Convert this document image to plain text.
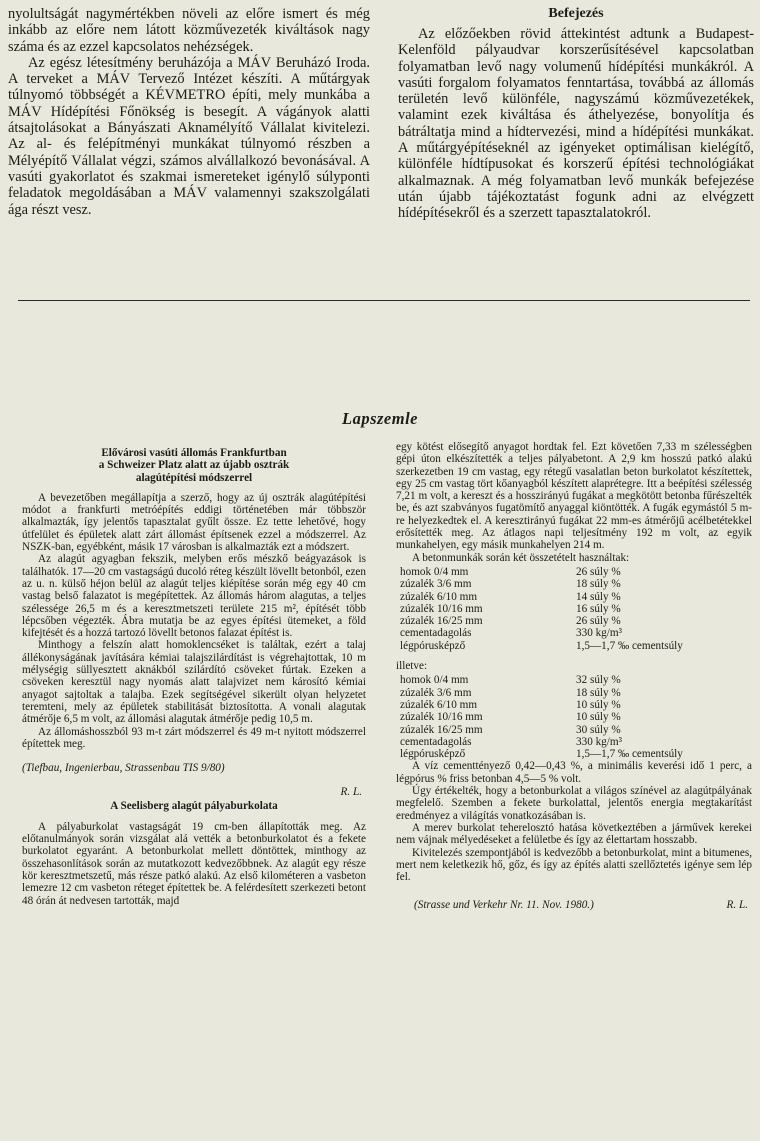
nyolultságát nagymértékben növeli az előre ismert és még inkább az előre nem látott közművezeték kiváltások nagy száma és az ezzel kapcsolatos nehézségek.

Az egész létesítmény beruházója a MÁV Beruházó Iroda. A terveket a MÁV Tervező Intézet készíti. A műtárgyak túlnyomó többségét a KÉVMETRO építi, mely munkába a MÁV Hídépítési Főnökség is besegít. A vágányok alatti átsajtolásokat a Bányászati Aknamélyítő Vállalat kivitelezi. Az al- és felépítményi munkákat túlnyomó részben a Mélyépítő Vállalat végzi, számos alvállalkozó bevonásával. A vasúti gyakorlatot és szakmai ismereteket igénylő súlyponti feladatok megoldásában a MÁV valamennyi szakszolgálati ága részt vesz.

Befejezés

Az előzőekben rövid áttekintést adtunk a Budapest-Kelenföld pályaudvar korszerűsítésével kapcsolatban folyamatban levő nagy volumenű hídépítési munkákról. A vasúti forgalom folyamatos fenntartása, továbbá az állomás területén levő különféle, nagyszámú közművezetékek, valamint ezek kiváltása és áthelyezése, bonyolítja és bátráltatja mind a hídtervezési, mind a hídépítési munkákat. A műtárgyépítéseknél az igényeket optimálisan kielégítő, különféle hídtípusokat és korszerű építési technológiákat alkalmaznak. A még folyamatban levő munkák befejezése után újabb tájékoztatást fogunk adni az elvégzett hídépítésekről és a szerzett tapasztalatokról.

Lapszemle
Elővárosi vasúti állomás Frankfurtban
a Schweizer Platz alatt az újabb osztrák
alagútépítési módszerrel

A bevezetőben megállapítja a szerző, hogy az új osztrák alagútépítési módot a frankfurti metróépítés eddigi történetében már többször alkalmazták, így jelentős tapasztalat gyűlt össze. Ez tette lehetővé, hogy útfelület és épületek alatt zárt állomást építsenek ezzel a módszerrel. Az NSZK-ban, egyébként, másik 17 városban is alkalmazták ezt a módszert.

Az alagút agyagban fekszik, melyben erős mészkő beágyazások is találhatók. 17—20 cm vastagságú ducoló réteg készült lövellt betonból, ezen az u. n. külső héjon belül az alagút teljes kiépítése során még egy 40 cm vastag belső falazatot is megépítettek. Az állomás három alagutas, a teljes szélessége 26,5 m és a keresztmetszeti területe 215 m², építését több lépcsőben végezték. Ábra mutatja be az egyes építési ütemeket, a föld kifejtését és a hozzá tartozó lövellt betonos falazat építést is.

Minthogy a felszín alatt homoklencséket is találtak, ezért a talaj állékonyságának javítására kémiai talajszilárdítást is végrehajtottak, 10 m mélységig süllyesztett aknákból szilárdító csöveket fúrtak. Ezeken a csöveken keresztül nagy nyomás alatt talajvizet nem károsító kémiai anyagot sajtoltak a talajba. Ezek segítségével sikerült olyan helyzetet teremteni, mely az épületek stabilitását biztosította. A vonali alagutak átmérője 6,5 m volt, az állomási alagutak átmérője pedig 10,5 m.

Az állomáshosszból 93 m-t zárt módszerrel és 49 m-t nyitott módszerrel építettek meg.

(Tiefbau, Ingenierbau, Strassenbau TIS 9/80)
R. L.
A Seelisberg alagút pályaburkolata

A pályaburkolat vastagságát 19 cm-ben állapították meg. Az előtanulmányok során vizsgálat alá vették a betonburkolatot és a fekete burkolatot egyaránt. A betonburkolat mellett döntöttek, minthogy az összehasonlítások során az mutatkozott kedvezőbbnek. Az alagút egy része kör keresztmetszetű, más része patkó alakú. Az első kilométeren a vasbeton lemezre 12 cm vasbeton réteget építettek be. A felérdesített szerkezeti betont 48 órán át nedvesen tartották, majd

egy kötést elősegítő anyagot hordtak fel. Ezt követően 7,33 m szélességben gépi úton elkészítették a teljes pályabetont. A 2,9 km hosszú patkó alakú szerkezetben 19 cm vastag, egy rétegű vasalatlan beton burkolatot készítettek, egy 25 cm vastag tört kőanyagból készített alaprétegre. Itt a beépítési szélesség 7,21 m volt, a kereszt és a hosszirányú fugákat a megkötött betonba fűrészelték be, és azt szabványos fugatömítő anyaggal kiöntötték. A fugák egymástól 5 m-re helyezkedtek el. A keresztirányú fugákat 22 mm-es átmérőjű acélbetétekkel erősítették meg. Az átlagos napi teljesítmény 192 m volt, az egyik munkahelyen, egy másik munkahelyen 214 m.

A betonmunkák során két összetételt használtak:

homok 0/4 mm	26 súly %
zúzalék 3/6 mm	18 súly %
zúzalék 6/10 mm	14 súly %
zúzalék 10/16 mm	16 súly %
zúzalék 16/25 mm	26 súly %
cementadagolás	330 kg/m³
légpórusképző	1,5—1,7 ‰ cementsúly
illetve:
homok 0/4 mm	32 súly %
zúzalék 3/6 mm	18 súly %
zúzalék 6/10 mm	10 súly %
zúzalék 10/16 mm	10 súly %
zúzalék 16/25 mm	30 súly %
cementadagolás	330 kg/m³
légpórusképző	1,5—1,7 ‰ cementsúly

A víz cementtényező 0,42—0,43 %, a minimális keverési idő 1 perc, a légpórus % friss betonban 4,5—5 % volt.

Úgy értékelték, hogy a betonburkolat a világos színével az alagútpályának megfelelő. Szemben a fekete burkolattal, jelentős energia megtakarítást eredményez a világítás vonatkozásában is.

A merev burkolat teherelosztó hatása következtében a járművek kerekei nem vájnak mélyedéseket a felületbe és így az élettartam hosszabb.

Kivitelezés szempontjából is kedvezőbb a betonburkolat, mint a bitumenes, mert nem keletkezik hő, gőz, és így az építés alatti szellőztetés igénye sem lép fel.

(Strasse und Verkehr Nr. 11. Nov. 1980.)	R. L.
